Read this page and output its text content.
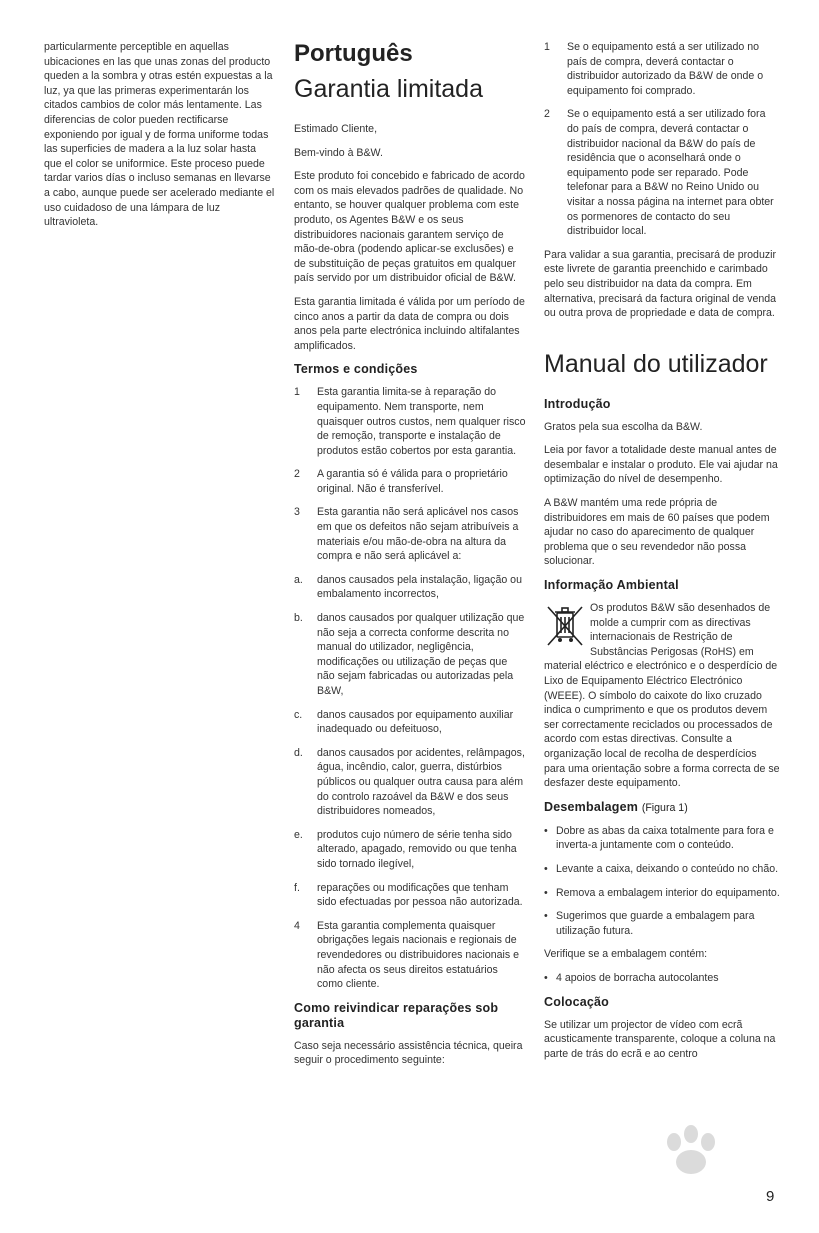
particularmente perceptible en aquellas ubicaciones en las que unas zonas del producto queden a la sombra y otras estén expuestas a la luz, ya que las primeras experimentarán los citados cambios de color más lentamente. Las diferencias de color pueden rectificarse exponiendo por igual y de forma uniforme todas las superficies de madera a la luz solar hasta que el color se uniformice. Este proceso puede tardar varios días o incluso semanas en llevarse a cabo, aunque puede ser acelerado mediante el uso cuidadoso de una lámpara de luz ultravioleta.

Português
Garantia limitada

Estimado Cliente,

Bem-vindo à B&W.

Este produto foi concebido e fabricado de acordo com os mais elevados padrões de qualidade. No entanto, se houver qualquer problema com este produto, os Agentes B&W e os seus distribuidores nacionais garantem serviço de mão-de-obra (podendo aplicar-se exclusões) e de substituição de peças gratuitos em qualquer país servido por um distribuidor oficial de B&W.

Esta garantia limitada é válida por um período de cinco anos a partir da data de compra ou dois anos pela parte electrónica incluindo altifalantes amplificados.

Termos e condições
1	Esta garantia limita-se à reparação do equipamento. Nem transporte, nem quaisquer outros custos, nem qualquer risco de remoção, transporte e instalação de produtos estão cobertos por esta garantia.
2	A garantia só é válida para o proprietário original. Não é transferível.
3	Esta garantia não será aplicável nos casos em que os defeitos não sejam atribuíveis a materiais e/ou mão-de-obra na altura da compra e não será aplicável a:
a.	danos causados pela instalação, ligação ou embalamento incorrectos,
b.	danos causados por qualquer utilização que não seja a correcta conforme descrita no manual do utilizador, negligência, modificações ou utilização de peças que não sejam fabricadas ou autorizadas pela B&W,
c.	danos causados por equipamento auxiliar inadequado ou defeituoso,
d.	danos causados por acidentes, relâmpagos, água, incêndio, calor, guerra, distúrbios públicos ou qualquer outra causa para além do controlo razoável da B&W e dos seus distribuidores nomeados,
e.	produtos cujo número de série tenha sido alterado, apagado, removido ou que tenha sido tornado ilegível,
f.	reparações ou modificações que tenham sido efectuadas por pessoa não autorizada.
4	Esta garantia complementa quaisquer obrigações legais nacionais e regionais de revendedores ou distribuidores nacionais e não afecta os seus direitos estatuários como cliente.
Como reivindicar reparações sob garantia

Caso seja necessário assistência técnica, queira seguir o procedimento seguinte:

1	Se o equipamento está a ser utilizado no país de compra, deverá contactar o distribuidor autorizado da B&W de onde o equipamento foi comprado.
2	Se o equipamento está a ser utilizado fora do país de compra, deverá contactar o distribuidor nacional da B&W do país de residência que o aconselhará onde o equipamento pode ser reparado. Pode telefonar para a B&W no Reino Unido ou visitar a nossa página na internet para obter os pormenores de contacto do seu distribuidor local.

Para validar a sua garantia, precisará de produzir este livrete de garantia preenchido e carimbado pelo seu distribuidor na data da compra. Em alternativa, precisará da factura original de venda ou outra prova de propriedade e data de compra.

Manual do utilizador
Introdução

Gratos pela sua escolha da B&W.

Leia por favor a totalidade deste manual antes de desembalar e instalar o produto. Ele vai ajudar na optimização do nível de desempenho.

A B&W mantém uma rede própria de distribuidores em mais de 60 países que podem ajudar no caso do aparecimento de qualquer problema que o seu revendedor não possa solucionar.

Informação Ambiental
Os produtos B&W são desenhados de molde a cumprir com as directivas internacionais de Restrição de Substâncias Perigosas (RoHS) em material eléctrico e electrónico e o desperdício de Lixo de Equipamento Eléctrico Electrónico (WEEE). O símbolo do caixote do lixo cruzado indica o cumprimento e que os produtos devem ser correctamente reciclados ou processados de acordo com estas directivas. Consulte a organização local de recolha de desperdícios para uma orientação sobre a forma correcta de se desfazer deste equipamento.
Desembalagem (Figura 1)
• Dobre as abas da caixa totalmente para fora e inverta-a juntamente com o conteúdo.
• Levante a caixa, deixando o conteúdo no chão.
• Remova a embalagem interior do equipamento.
• Sugerimos que guarde a embalagem para utilização futura.

Verifique se a embalagem contém:

• 4 apoios de borracha autocolantes
Colocação

Se utilizar um projector de vídeo com ecrã acusticamente transparente, coloque a coluna na parte de trás do ecrã e ao centro

9
